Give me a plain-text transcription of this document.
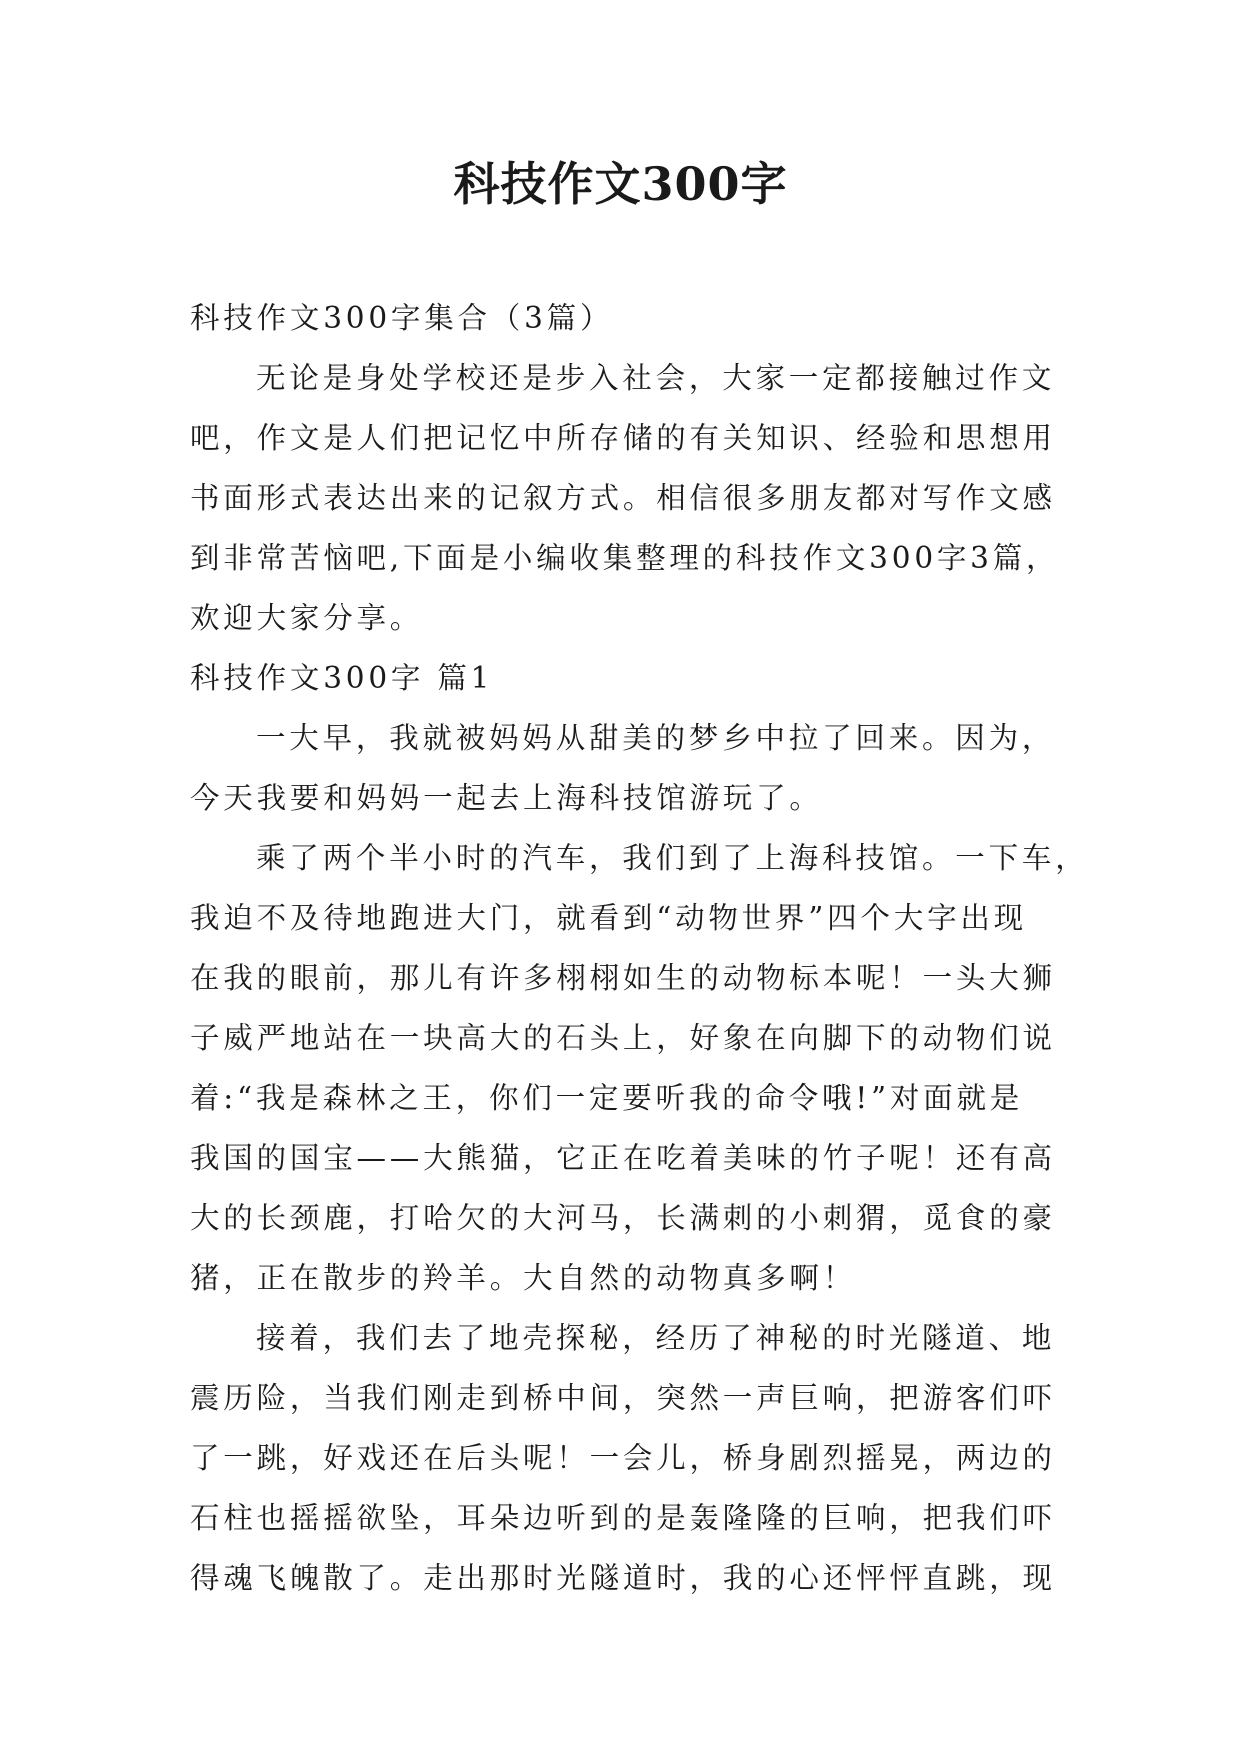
科技作文300字
科技作文300字集合（3篇）
无论是身处学校还是步入社会，大家一定都接触过作文
吧，作文是人们把记忆中所存储的有关知识、经验和思想用
书面形式表达出来的记叙方式。相信很多朋友都对写作文感
到非常苦恼吧,下面是小编收集整理的科技作文300字3篇，
欢迎大家分享。
科技作文300字 篇1
一大早，我就被妈妈从甜美的梦乡中拉了回来。因为，
今天我要和妈妈一起去上海科技馆游玩了。
乘了两个半小时的汽车，我们到了上海科技馆。一下车，
我迫不及待地跑进大门，就看到“动物世界”四个大字出现
在我的眼前，那儿有许多栩栩如生的动物标本呢！一头大狮
子威严地站在一块高大的石头上，好象在向脚下的动物们说
着:“我是森林之王，你们一定要听我的命令哦!”对面就是
我国的国宝——大熊猫，它正在吃着美味的竹子呢！还有高
大的长颈鹿，打哈欠的大河马，长满刺的小刺猬，觅食的豪
猪，正在散步的羚羊。大自然的动物真多啊！
接着，我们去了地壳探秘，经历了神秘的时光隧道、地
震历险，当我们刚走到桥中间，突然一声巨响，把游客们吓
了一跳，好戏还在后头呢！一会儿，桥身剧烈摇晃，两边的
石柱也摇摇欲坠，耳朵边听到的是轰隆隆的巨响，把我们吓
得魂飞魄散了。走出那时光隧道时，我的心还怦怦直跳，现
